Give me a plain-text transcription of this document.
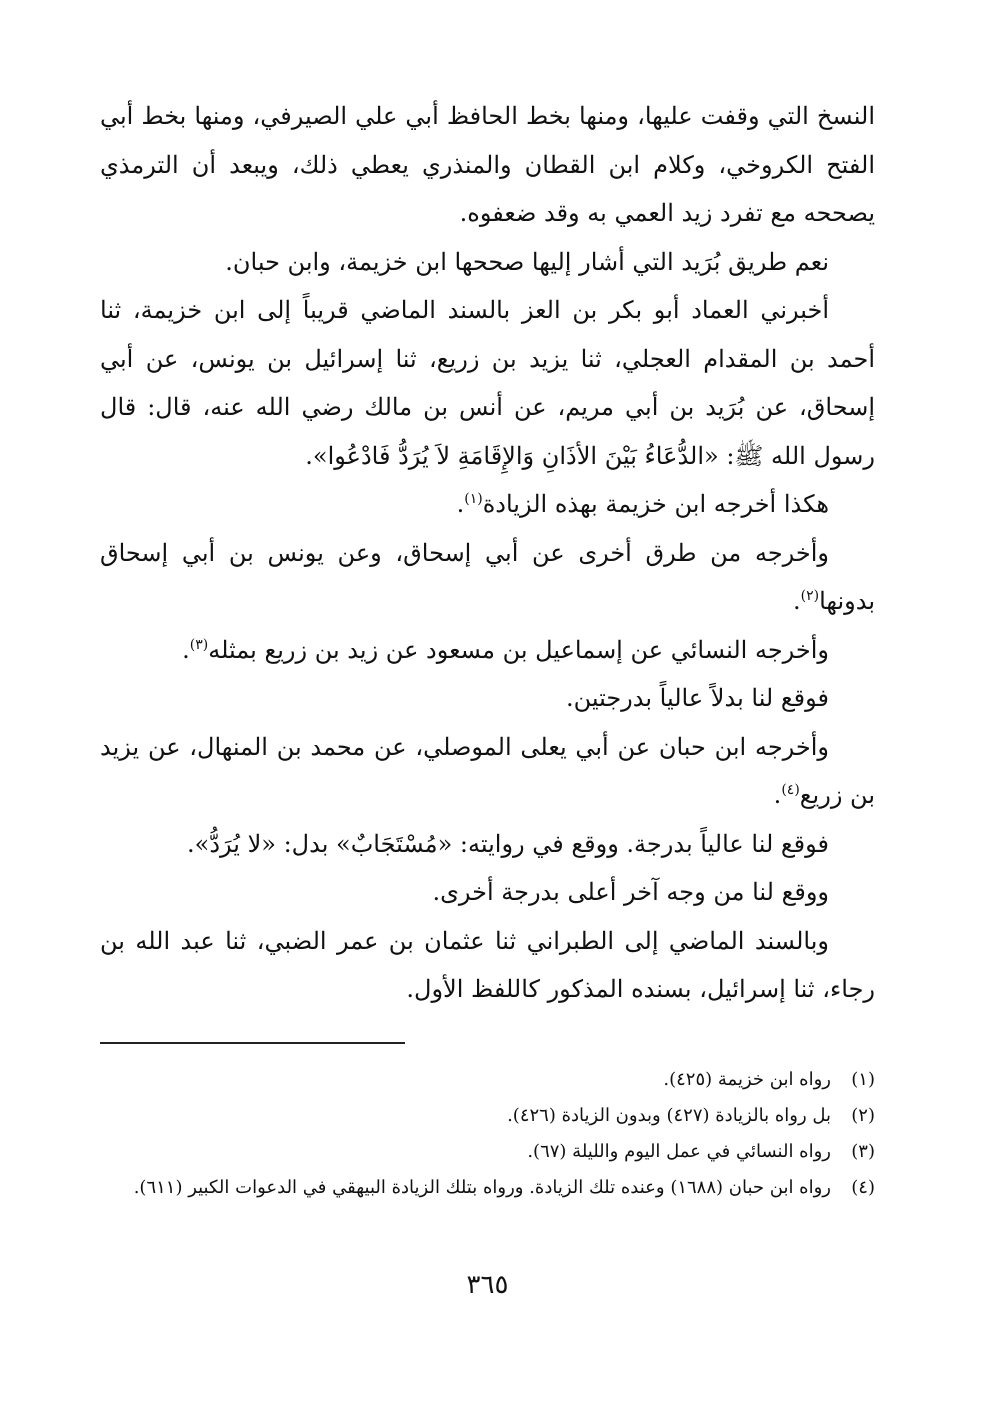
النسخ التي وقفت عليها، ومنها بخط الحافظ أبي علي الصيرفي، ومنها بخط أبي الفتح الكروخي، وكلام ابن القطان والمنذري يعطي ذلك، ويبعد أن الترمذي يصححه مع تفرد زيد العمي به وقد ضعفوه.

نعم طريق بُرَيد التي أشار إليها صححها ابن خزيمة، وابن حبان.

أخبرني العماد أبو بكر بن العز بالسند الماضي قريباً إلى ابن خزيمة، ثنا أحمد بن المقدام العجلي، ثنا يزيد بن زريع، ثنا إسرائيل بن يونس، عن أبي إسحاق، عن بُرَيد بن أبي مريم، عن أنس بن مالك رضي الله عنه، قال: قال رسول الله ﷺ: «الدُّعَاءُ بَيْنَ الأذَانِ وَالإِقَامَةِ لاَ يُرَدُّ فَادْعُوا».

هكذا أخرجه ابن خزيمة بهذه الزيادة$^{(١)}$.

وأخرجه من طرق أخرى عن أبي إسحاق، وعن يونس بن أبي إسحاق بدونها$^{(٢)}$.

وأخرجه النسائي عن إسماعيل بن مسعود عن زيد بن زريع بمثله$^{(٣)}$.

فوقع لنا بدلاً عالياً بدرجتين.

وأخرجه ابن حبان عن أبي يعلى الموصلي، عن محمد بن المنهال، عن يزيد بن زريع$^{(٤)}$.

فوقع لنا عالياً بدرجة. ووقع في روايته: «مُسْتَجَابٌ» بدل: «لا يُرَدُّ».

ووقع لنا من وجه آخر أعلى بدرجة أخرى.

وبالسند الماضي إلى الطبراني ثنا عثمان بن عمر الضبي، ثنا عبد الله بن رجاء، ثنا إسرائيل، بسنده المذكور كاللفظ الأول.

(١)
رواه ابن خزيمة (٤٢٥).

(٢)
بل رواه بالزيادة (٤٢٧) وبدون الزيادة (٤٢٦).

(٣)
رواه النسائي في عمل اليوم والليلة (٦٧).

(٤)
رواه ابن حبان (١٦٨٨) وعنده تلك الزيادة. ورواه بتلك الزيادة البيهقي في الدعوات الكبير (٦١١).

٣٦٥
